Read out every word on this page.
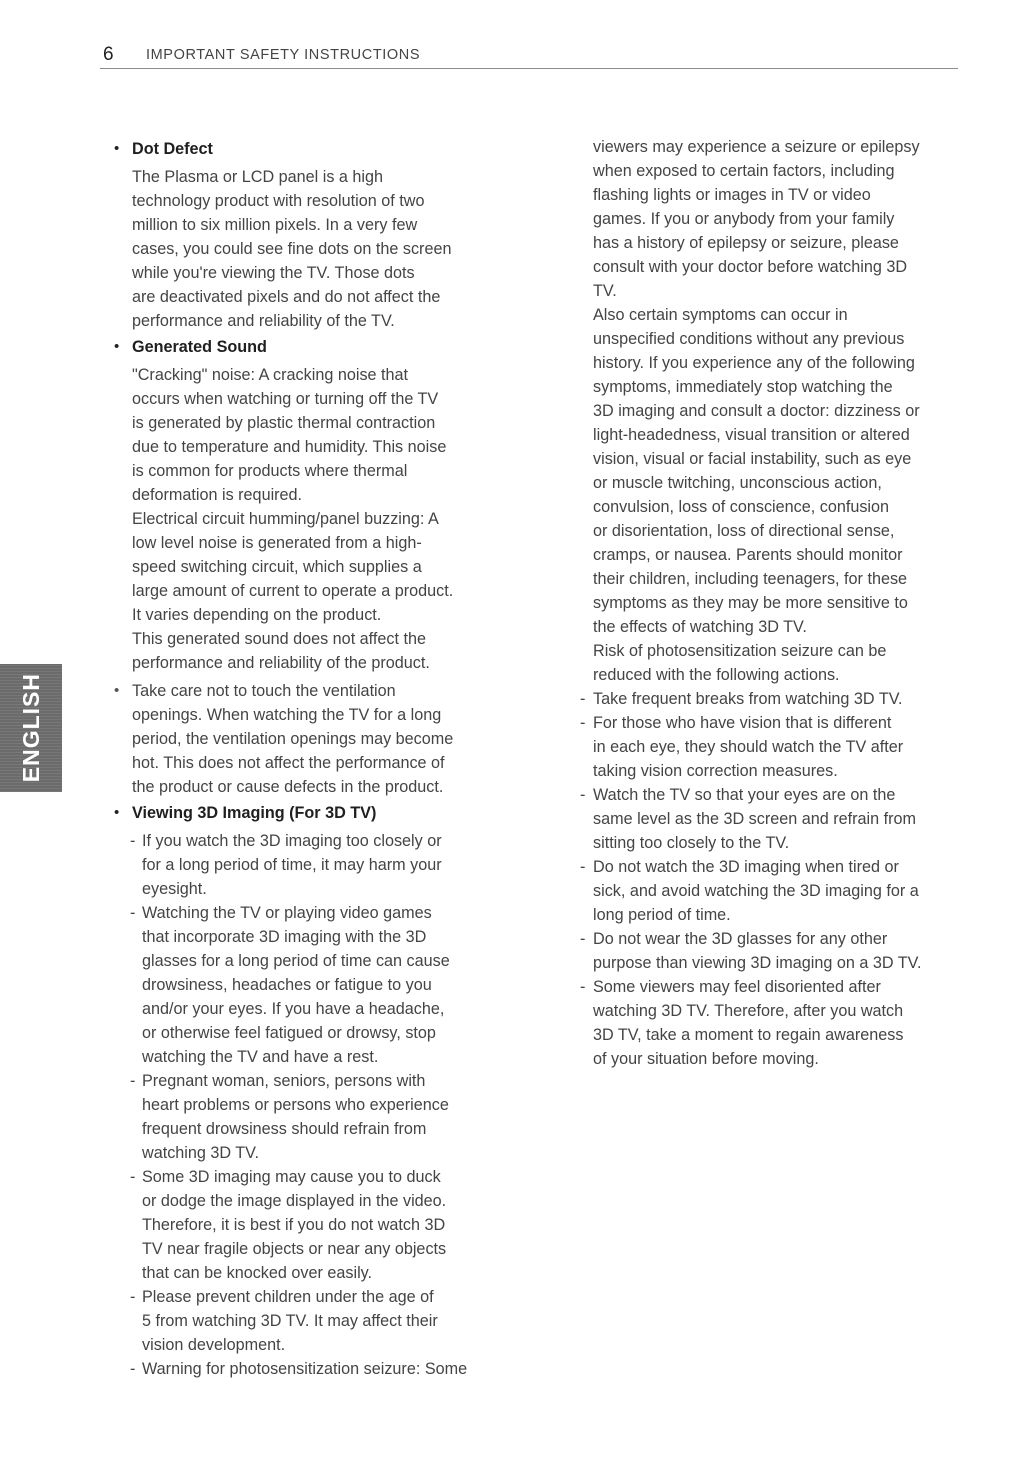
6 IMPORTANT SAFETY INSTRUCTIONS
ENGLISH
• Dot Defect

The Plasma or LCD panel is a high

technology product with resolution of two

million to six million pixels. In a very few

cases, you could see fine dots on the screen

while you're viewing the TV. Those dots

are deactivated pixels and do not affect the

performance and reliability of the TV.

• Generated Sound

"Cracking" noise: A cracking noise that

occurs when watching or turning off the TV

is generated by plastic thermal contraction

due to temperature and humidity. This noise

is common for products where thermal

deformation is required.

Electrical circuit humming/panel buzzing: A

low level noise is generated from a high-

speed switching circuit, which supplies a

large amount of current to operate a product.

It varies depending on the product.

This generated sound does not affect the

performance and reliability of the product.

• Take care not to touch the ventilation

openings. When watching the TV for a long

period, the ventilation openings may become

hot. This does not affect the performance of

the product or cause defects in the product.

• Viewing 3D Imaging (For 3D TV)
- If you watch the 3D imaging too closely or

for a long period of time, it may harm your

eyesight.

- Watching the TV or playing video games

that incorporate 3D imaging with the 3D

glasses for a long period of time can cause

drowsiness, headaches or fatigue to you

and/or your eyes. If you have a headache,

or otherwise feel fatigued or drowsy, stop

watching the TV and have a rest.

- Pregnant woman, seniors, persons with

heart problems or persons who experience

frequent drowsiness should refrain from

watching 3D TV.

- Some 3D imaging may cause you to duck

or dodge the image displayed in the video.

Therefore, it is best if you do not watch 3D

TV near fragile objects or near any objects

that can be knocked over easily.

- Please prevent children under the age of

5 from watching 3D TV. It may affect their

vision development.

- Warning for photosensitization seizure: Some

viewers may experience a seizure or epilepsy

when exposed to certain factors, including

flashing lights or images in TV or video

games. If you or anybody from your family

has a history of epilepsy or seizure, please

consult with your doctor before watching 3D

TV.

Also certain symptoms can occur in

unspecified conditions without any previous

history. If you experience any of the following

symptoms, immediately stop watching the

3D imaging and consult a doctor: dizziness or

light-headedness, visual transition or altered

vision, visual or facial instability, such as eye

or muscle twitching, unconscious action,

convulsion, loss of conscience, confusion

or disorientation, loss of directional sense,

cramps, or nausea. Parents should monitor

their children, including teenagers, for these

symptoms as they may be more sensitive to

the effects of watching 3D TV.

Risk of photosensitization seizure can be

reduced with the following actions.

- Take frequent breaks from watching 3D TV.

- For those who have vision that is different

in each eye, they should watch the TV after

taking vision correction measures.

- Watch the TV so that your eyes are on the

same level as the 3D screen and refrain from

sitting too closely to the TV.

- Do not watch the 3D imaging when tired or

sick, and avoid watching the 3D imaging for a

long period of time.

- Do not wear the 3D glasses for any other

purpose than viewing 3D imaging on a 3D TV.

- Some viewers may feel disoriented after

watching 3D TV. Therefore, after you watch

3D TV, take a moment to regain awareness

of your situation before moving.
